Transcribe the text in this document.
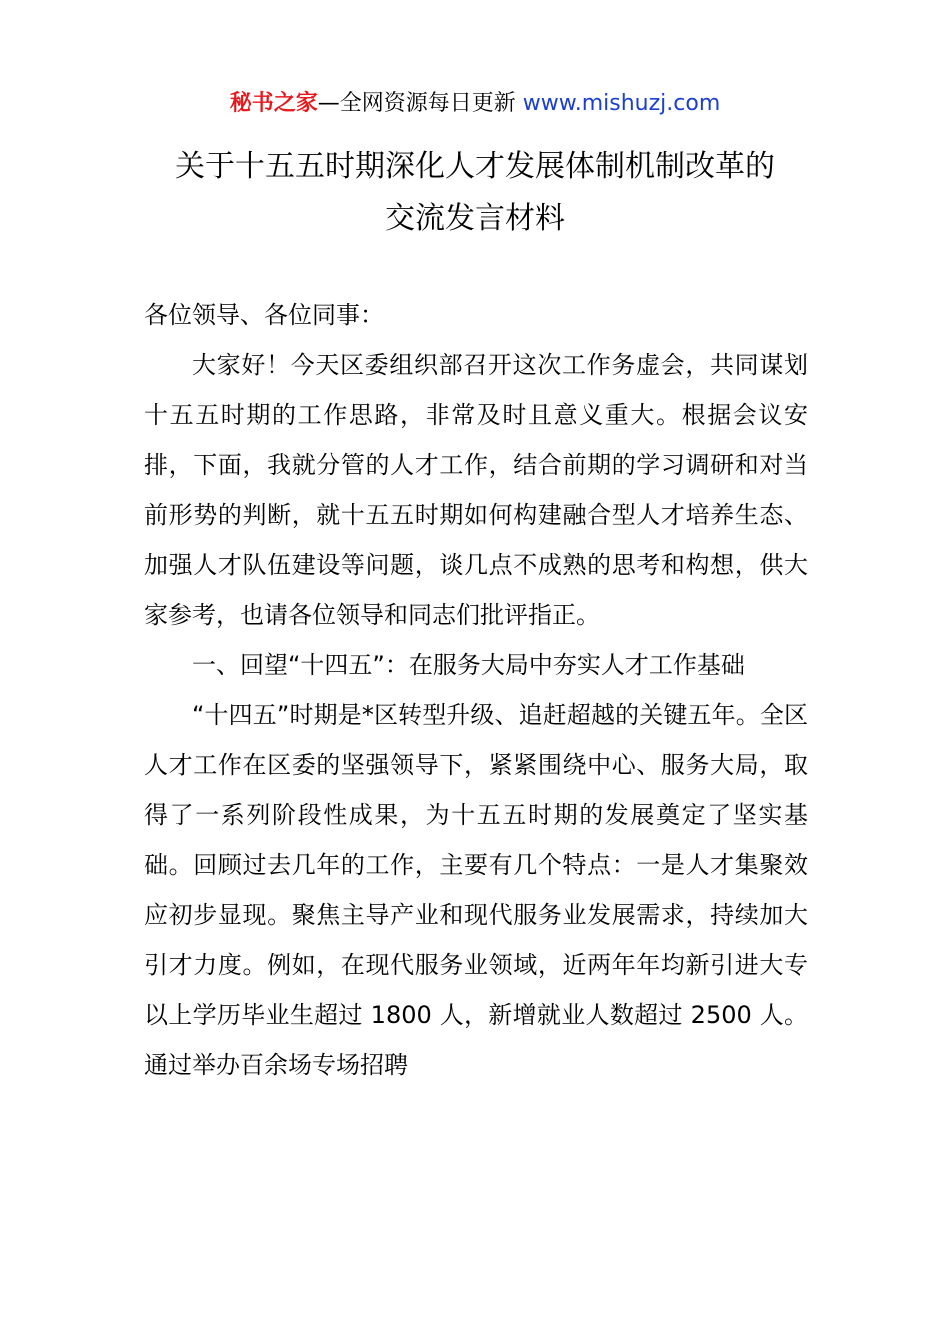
秘书之家—全网资源每日更新 www.mishuzj.com
关于十五五时期深化人才发展体制机制改革的
交流发言材料

各位领导、各位同事：

大家好！今天区委组织部召开这次工作务虚会，共同谋划十五五时期的工作思路，非常及时且意义重大。根据会议安排，下面，我就分管的人才工作，结合前期的学习调研和对当前形势的判断，就十五五时期如何构建融合型人才培养生态、加强人才队伍建设等问题，谈几点不成熟的思考和构想，供大家参考，也请各位领导和同志们批评指正。

一、回望“十四五”：在服务大局中夯实人才工作基础

“十四五”时期是*区转型升级、追赶超越的关键五年。全区人才工作在区委的坚强领导下，紧紧围绕中心、服务大局，取得了一系列阶段性成果，为十五五时期的发展奠定了坚实基础。回顾过去几年的工作，主要有几个特点：一是人才集聚效应初步显现。聚焦主导产业和现代服务业发展需求，持续加大引才力度。例如，在现代服务业领域，近两年年均新引进大专以上学历毕业生超过 1800 人，新增就业人数超过 2500 人。通过举办百余场专场招聘
